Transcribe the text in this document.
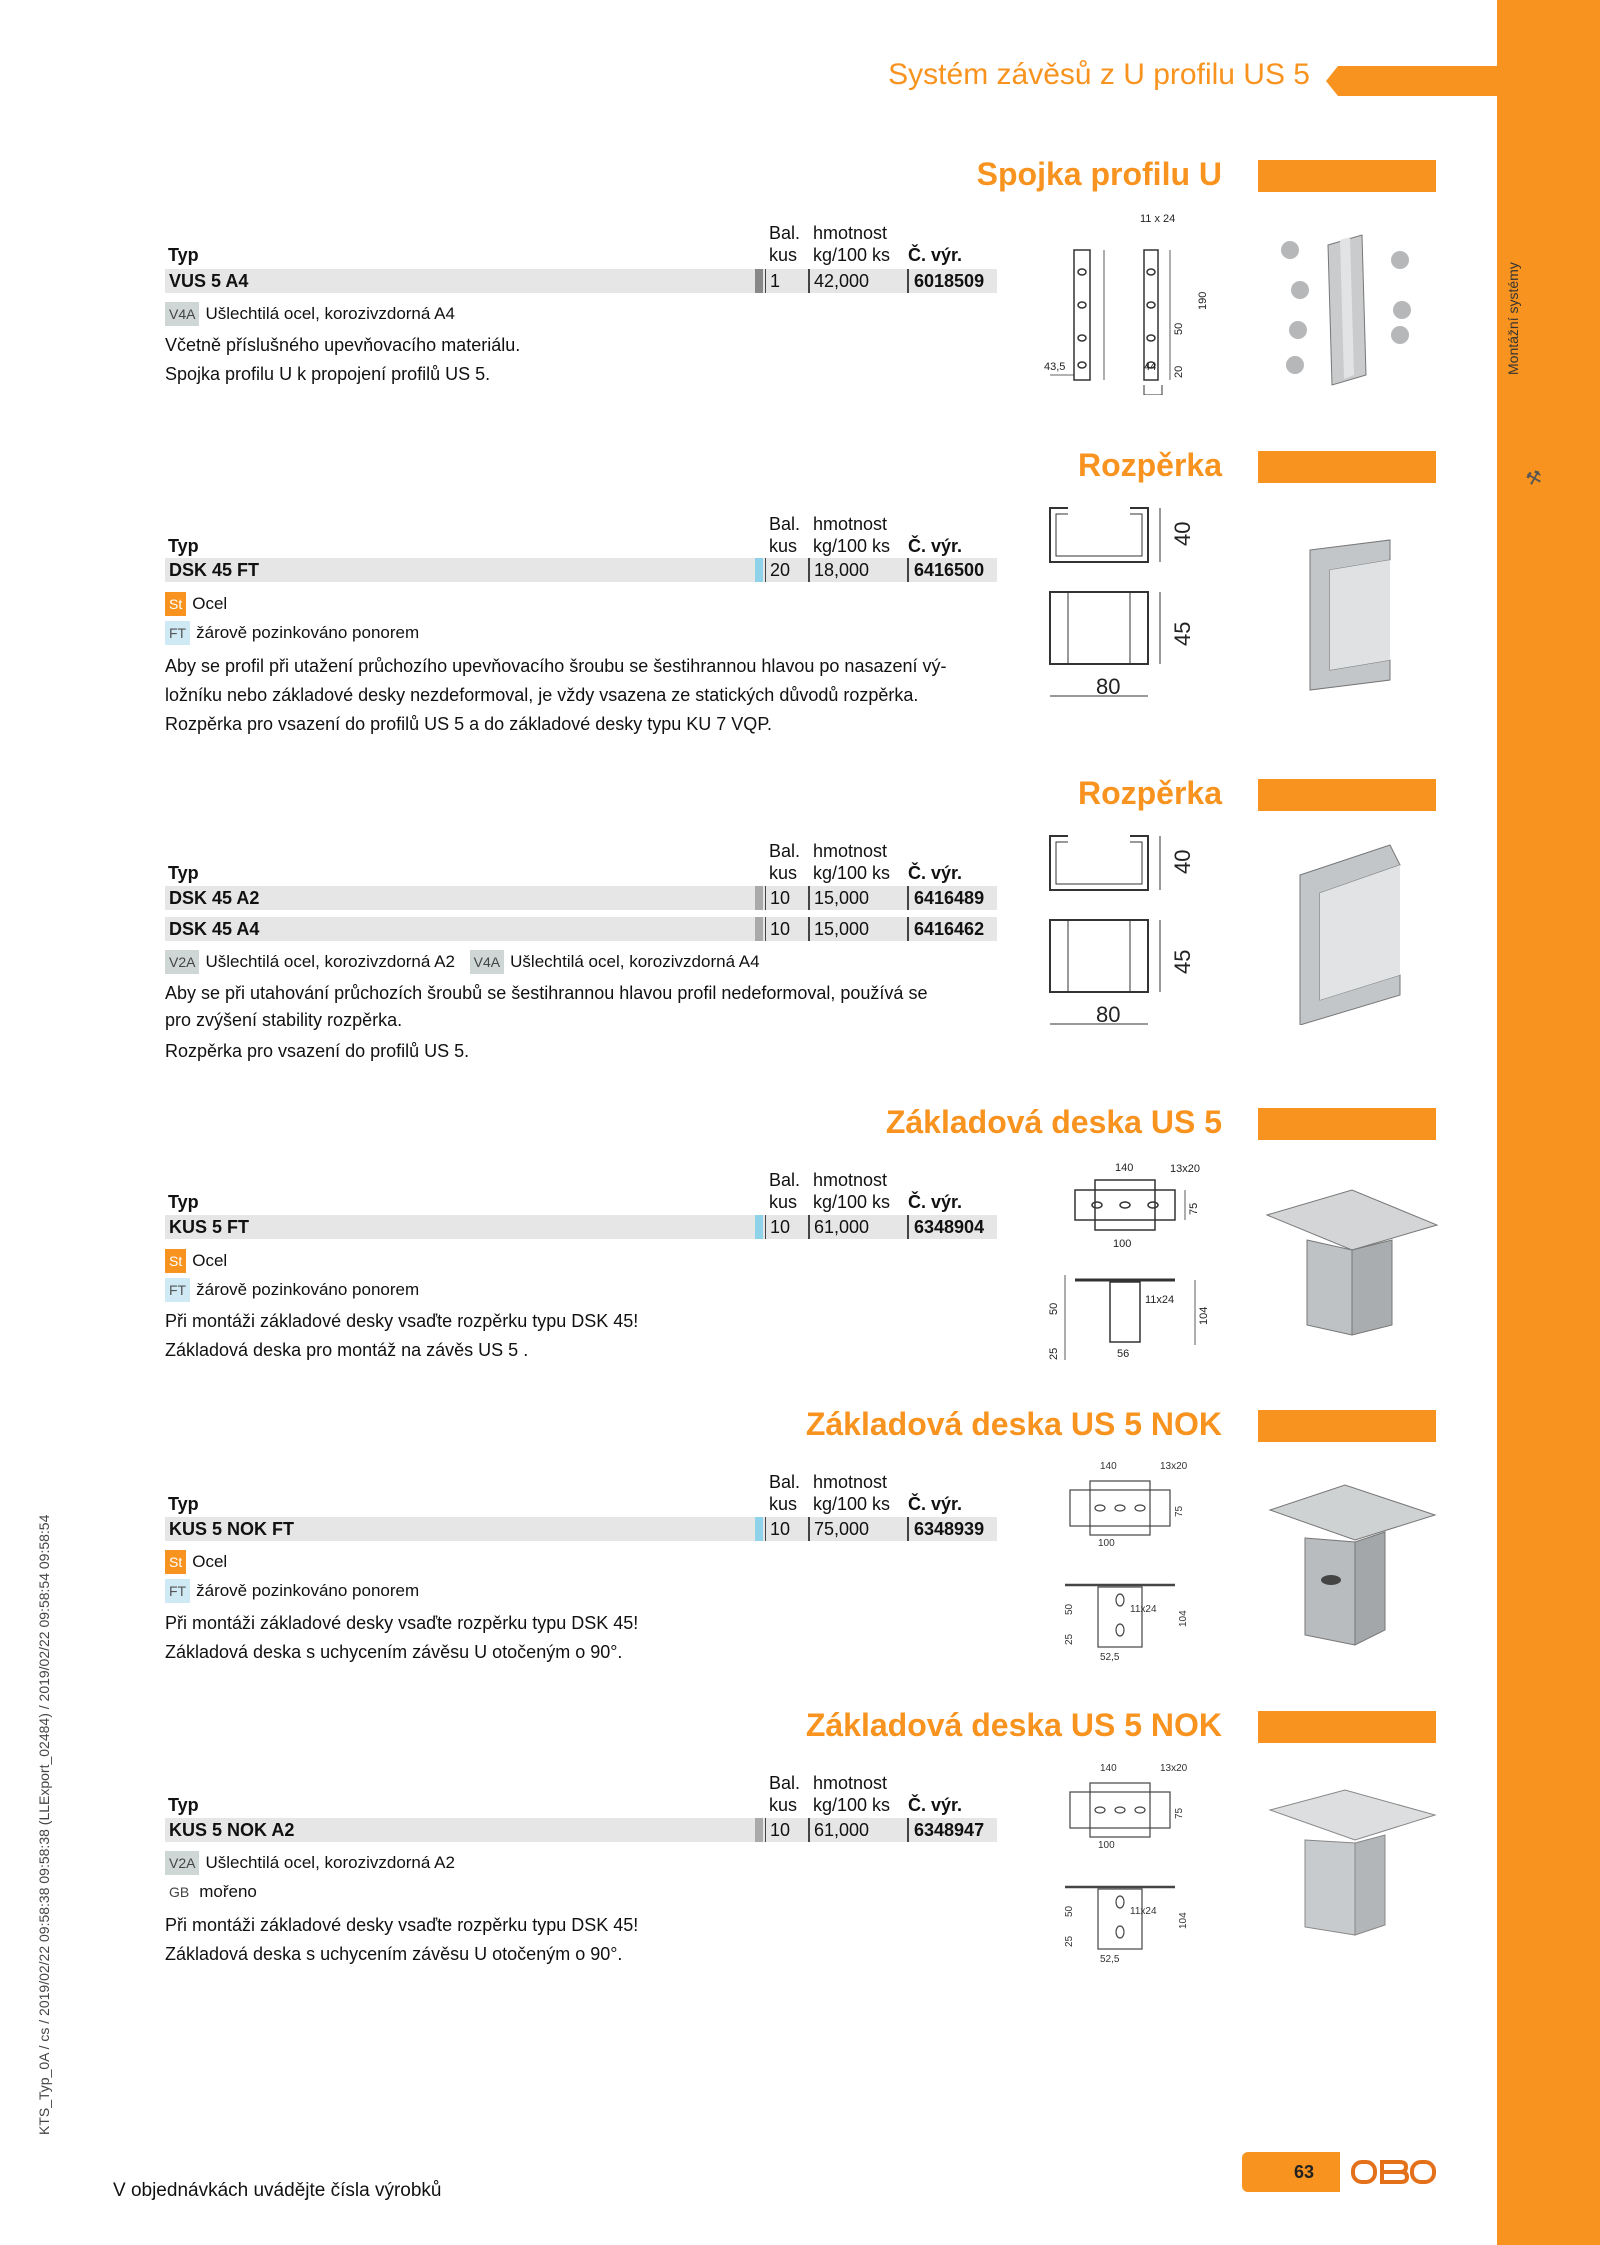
Montážní systémy
⚒
KTS_Typ_0A / cs / 2019/02/22 09:58:38 09:58:38 (LLExport_02484) / 2019/02/22 09:58:54 09:58:54
Systém závěsů z U profilu US 5
Spojka profilu U
Bal. hmotnost
Typ	kus kg/100 ks Č. výr.
VUS 5 A4	1	42,000	6018509
V4A Ušlechtilá ocel, korozivzdorná A4
Včetně příslušného upevňovacího materiálu.
Spojka profilu U k propojení profilů US 5.
11 x 24
190
50
20
43,5	44
Rozpěrka
Bal. hmotnost
Typ	kus kg/100 ks Č. výr.
DSK 45 FT	20	18,000	6416500
St Ocel
FT žárově pozinkováno ponorem
Aby se profil při utažení průchozího upevňovacího šroubu se šestihrannou hlavou po nasazení vý-
ložníku nebo základové desky nezdeformoval, je vždy vsazena ze statických důvodů rozpěrka.
Rozpěrka pro vsazení do profilů US 5 a do základové desky typu KU 7 VQP.
40
45
80
Rozpěrka
Bal. hmotnost
Typ	kus kg/100 ks Č. výr.
DSK 45 A2	10	15,000	6416489
DSK 45 A4	10	15,000	6416462
V2A Ušlechtilá ocel, korozivzdorná A2 V4A Ušlechtilá ocel, korozivzdorná A4
Aby se při utahování průchozích šroubů se šestihrannou hlavou profil nedeformoval, používá se
pro zvýšení stability rozpěrka.
Rozpěrka pro vsazení do profilů US 5.
40
45
80
Základová deska US 5
Bal. hmotnost
Typ	kus kg/100 ks Č. výr.
KUS 5 FT	10	61,000	6348904
St Ocel
FT žárově pozinkováno ponorem
Při montáži základové desky vsaďte rozpěrku typu DSK 45!
Základová deska pro montáž na závěs US 5 .
140	13x20
75
100
50
25
11x24
104
56
Základová deska US 5 NOK
Bal. hmotnost
Typ	kus kg/100 ks Č. výr.
KUS 5 NOK FT	10	75,000	6348939
St Ocel
FT žárově pozinkováno ponorem
Při montáži základové desky vsaďte rozpěrku typu DSK 45!
Základová deska s uchycením závěsu U otočeným o 90°.
140	13x20
75
100
25
50	11x24
104
52,5
Základová deska US 5 NOK
Bal. hmotnost
Typ	kus kg/100 ks Č. výr.
KUS 5 NOK A2	10	61,000	6348947
V2A Ušlechtilá ocel, korozivzdorná A2
GB mořeno
Při montáži základové desky vsaďte rozpěrku typu DSK 45!
Základová deska s uchycením závěsu U otočeným o 90°.
140	13x20
75
100
25
50	11x24
104
52,5
V objednávkách uvádějte čísla výrobků
63
